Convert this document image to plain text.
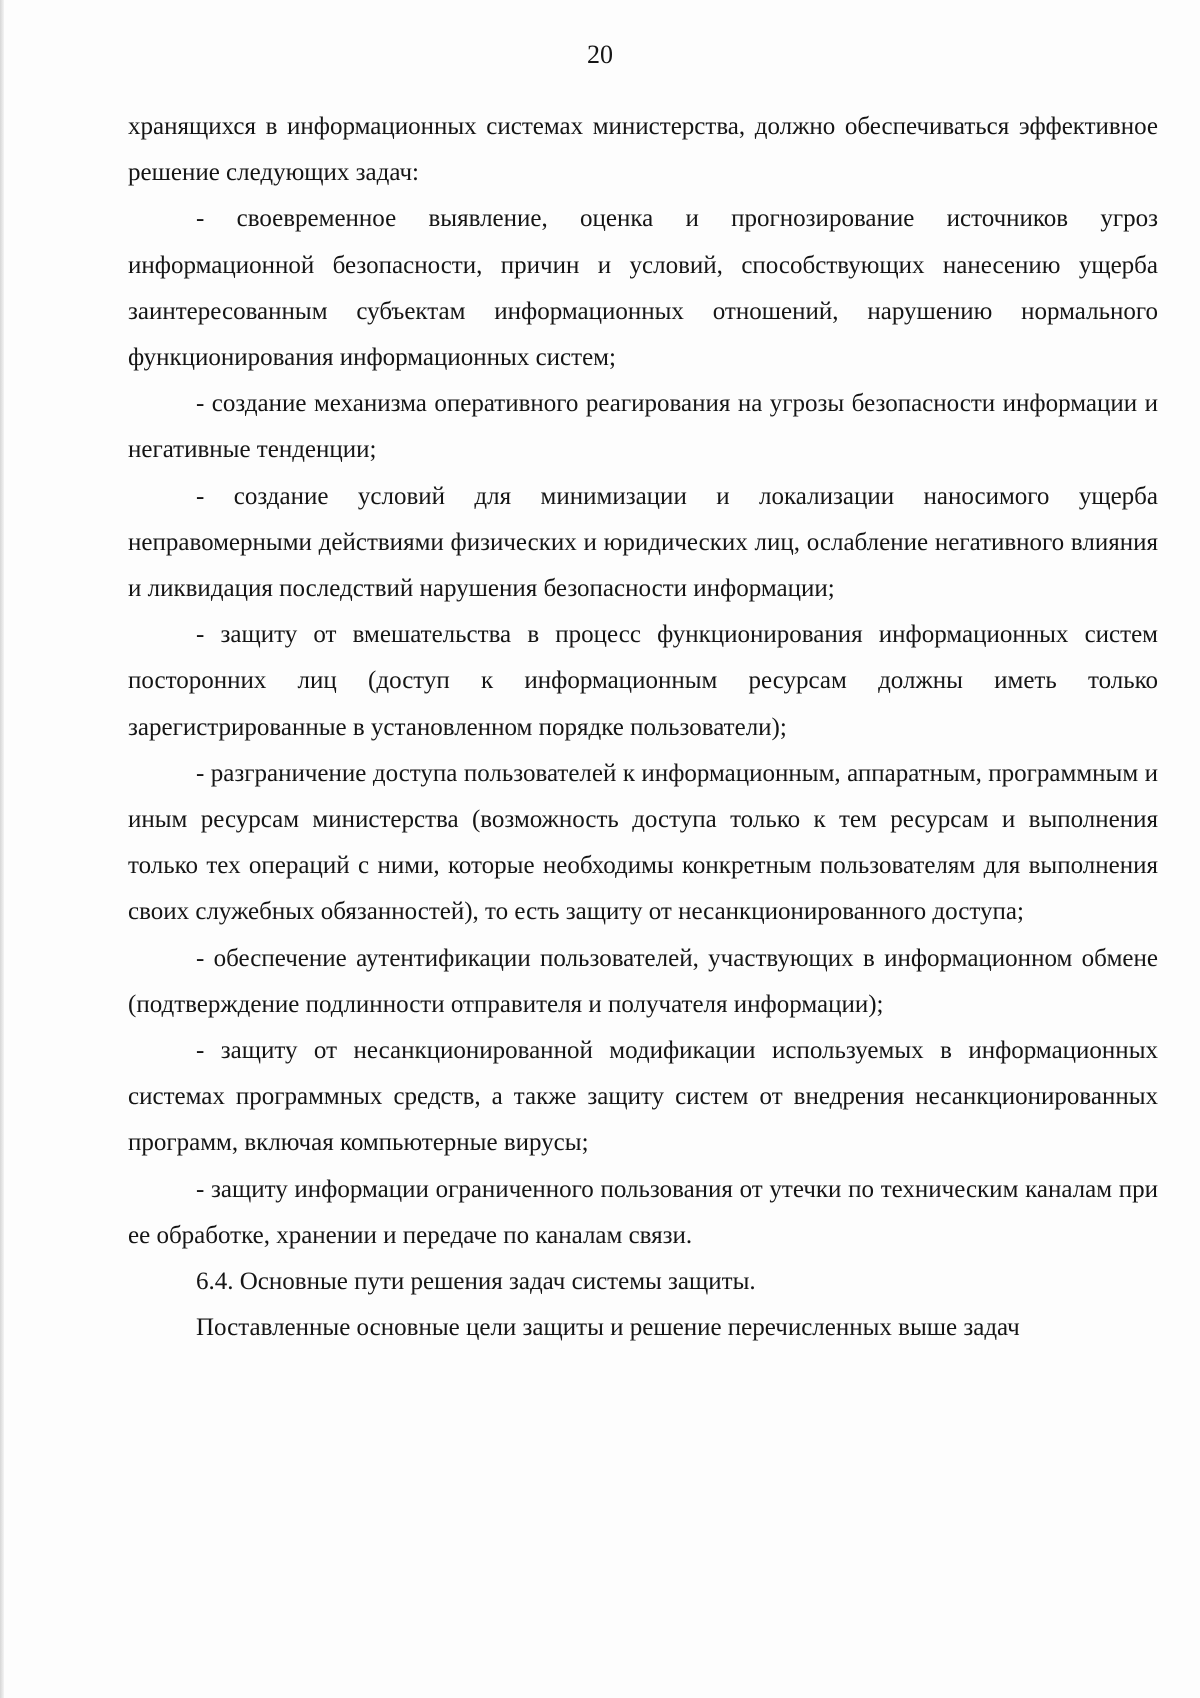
20

хранящихся в информационных системах министерства, должно обеспечиваться эффективное решение следующих задач:

- своевременное выявление, оценка и прогнозирование источников угроз информационной безопасности, причин и условий, способствующих нанесению ущерба заинтересованным субъектам информационных отношений, нарушению нормального функционирования информационных систем;

- создание механизма оперативного реагирования на угрозы безопасности информации и негативные тенденции;

- создание условий для минимизации и локализации наносимого ущерба неправомерными действиями физических и юридических лиц, ослабление негативного влияния и ликвидация последствий нарушения безопасности информации;

- защиту от вмешательства в процесс функционирования информационных систем посторонних лиц (доступ к информационным ресурсам должны иметь только зарегистрированные в установленном порядке пользователи);

- разграничение доступа пользователей к информационным, аппаратным, программным и иным ресурсам министерства (возможность доступа только к тем ресурсам и выполнения только тех операций с ними, которые необходимы конкретным пользователям для выполнения своих служебных обязанностей), то есть защиту от несанкционированного доступа;

- обеспечение аутентификации пользователей, участвующих в информационном обмене (подтверждение подлинности отправителя и получателя информации);

- защиту от несанкционированной модификации используемых в информационных системах программных средств, а также защиту систем от внедрения несанкционированных программ, включая компьютерные вирусы;

- защиту информации ограниченного пользования от утечки по техническим каналам при ее обработке, хранении и передаче по каналам связи.

6.4. Основные пути решения задач системы защиты.

Поставленные основные цели защиты и решение перечисленных выше задач
